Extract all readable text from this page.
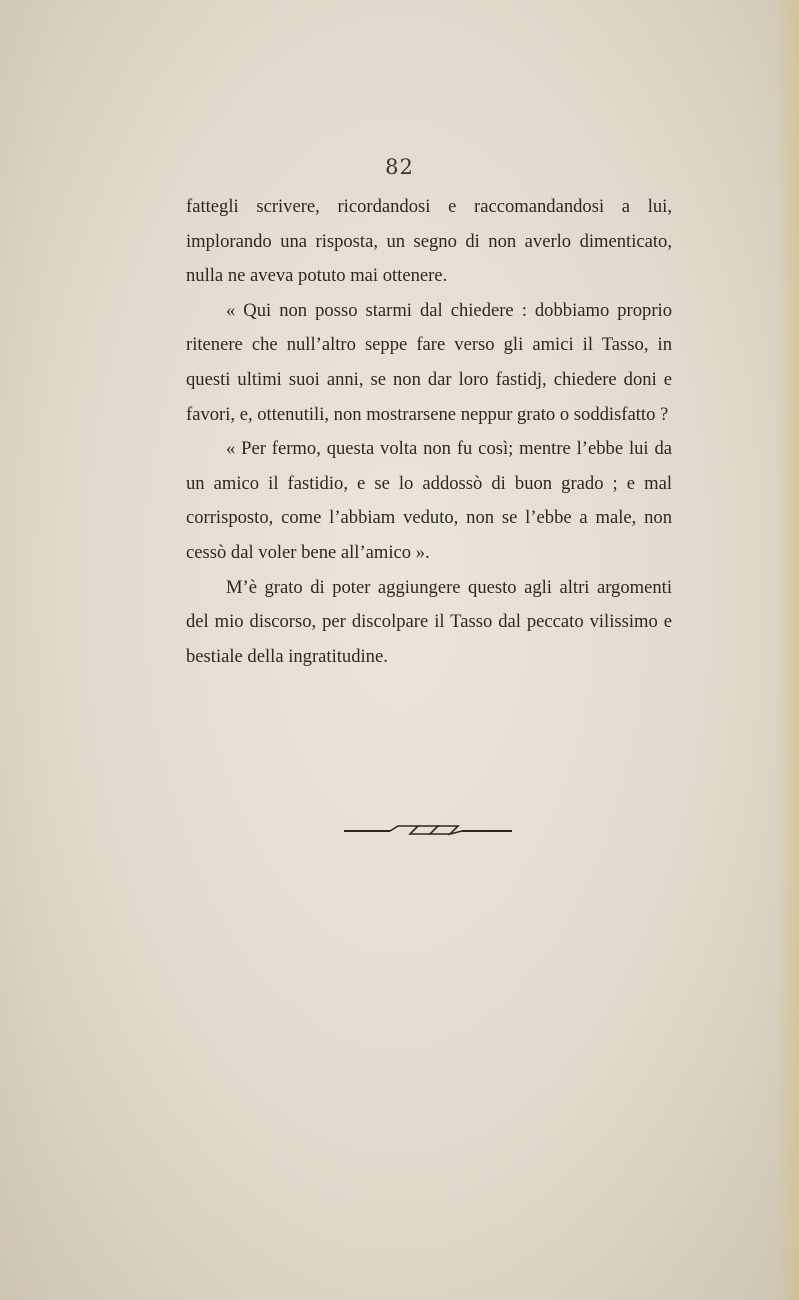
82

fattegli scrivere, ricordandosi e raccomandandosi a lui, implorando una risposta, un segno di non averlo dimenticato, nulla ne aveva potuto mai ottenere.

« Qui non posso starmi dal chiedere : dobbiamo proprio ritenere che null’altro seppe fare verso gli amici il Tasso, in questi ultimi suoi anni, se non dar loro fastidj, chiedere doni e favori, e, ottenutili, non mostrarsene neppur grato o soddisfatto ?

« Per fermo, questa volta non fu così; mentre l’ebbe lui da un amico il fastidio, e se lo addossò di buon grado ; e mal corrisposto, come l’abbiam veduto, non se l’ebbe a male, non cessò dal voler bene all’amico ».

M’è grato di poter aggiungere questo agli altri argomenti del mio discorso, per discolpare il Tasso dal peccato vilissimo e bestiale della ingratitudine.
